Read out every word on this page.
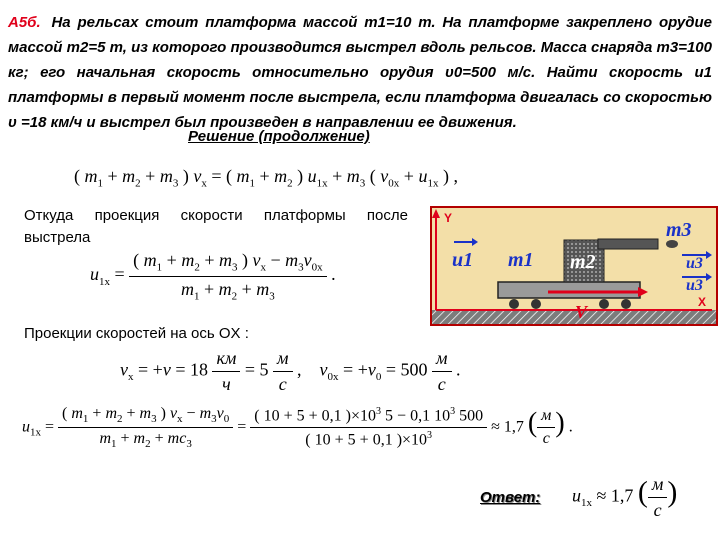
А5б. На рельсах стоит платформа массой m1=10 т. На платформе закреплено орудие массой m2=5 т, из которого производится выстрел вдоль рельсов. Масса снаряда m3=100 кг; его начальная скорость относительно орудия υ0=500 м/с. Найти скорость u1 платформы в первый момент после выстрела, если платформа двигалась со скоростью υ =18 км/ч и выстрел был произведен в направлении ее движения.
Решение (продолжение)
( $m_1 + m_2 + m_3$ ) $v_x$ = ( $m_1 + m_2$ ) $u_{1x} + m_3$ ( $v_{0x} + u_{1x}$ ) ,
Откуда проекция скорости платформы после выстрела
$u_{1x} = \frac{( m_1 + m_2 + m_3 ) v_x - m_3v_{0x}}{m_1 + m_2 + m_3}$ .
Проекции скоростей на ось OX :
$v_x = +v = 18 \frac{км}{ч} = 5 \frac{м}{с}$ , $v_{0x} = +v_0 = 500 \frac{м}{с}$ .
$u_{1x} = \frac{( m_1 + m_2 + m_3 ) v_x - m_3v_0}{m_1 + m_2 + mc_3} = \frac{( 10 + 5 + 0,1 )\times 10^3 5 - 0,1 10^3 500}{( 10 + 5 + 0,1 )\times 10^3} \approx 1,7$ ( $\frac{м}{с}$ ) .
Ответ: $u_{1x} \approx 1,7$ ( $\frac{м}{с}$ )
Y
X
m1 m2
m3
u1	u3
u3
V
